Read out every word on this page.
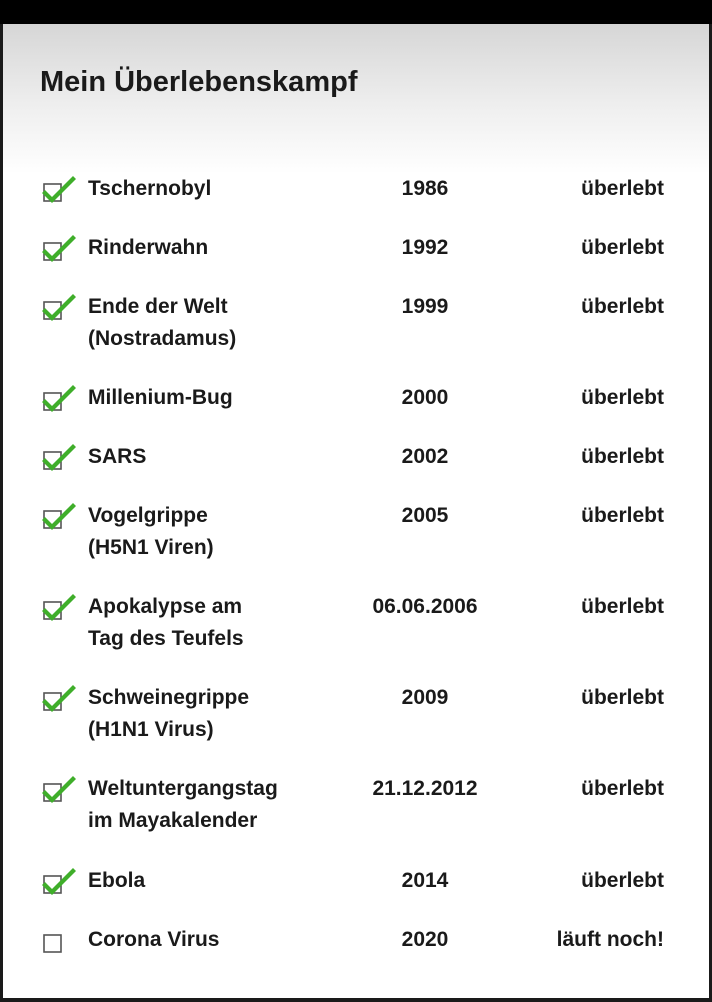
Mein Überlebenskampf
Tschernobyl	1986	überlebt
Rinderwahn	1992	überlebt
Ende der Welt
(Nostradamus)
1999	überlebt
Millenium-Bug	2000	überlebt
SARS	2002	überlebt
Vogelgrippe
(H5N1 Viren)
2005	überlebt
Apokalypse am
Tag des Teufels
06.06.2006	überlebt
Schweinegrippe
(H1N1 Virus)
2009	überlebt
Weltuntergangstag
im Mayakalender
21.12.2012	überlebt
Ebola	2014	überlebt
Corona Virus	2020	läuft noch!
